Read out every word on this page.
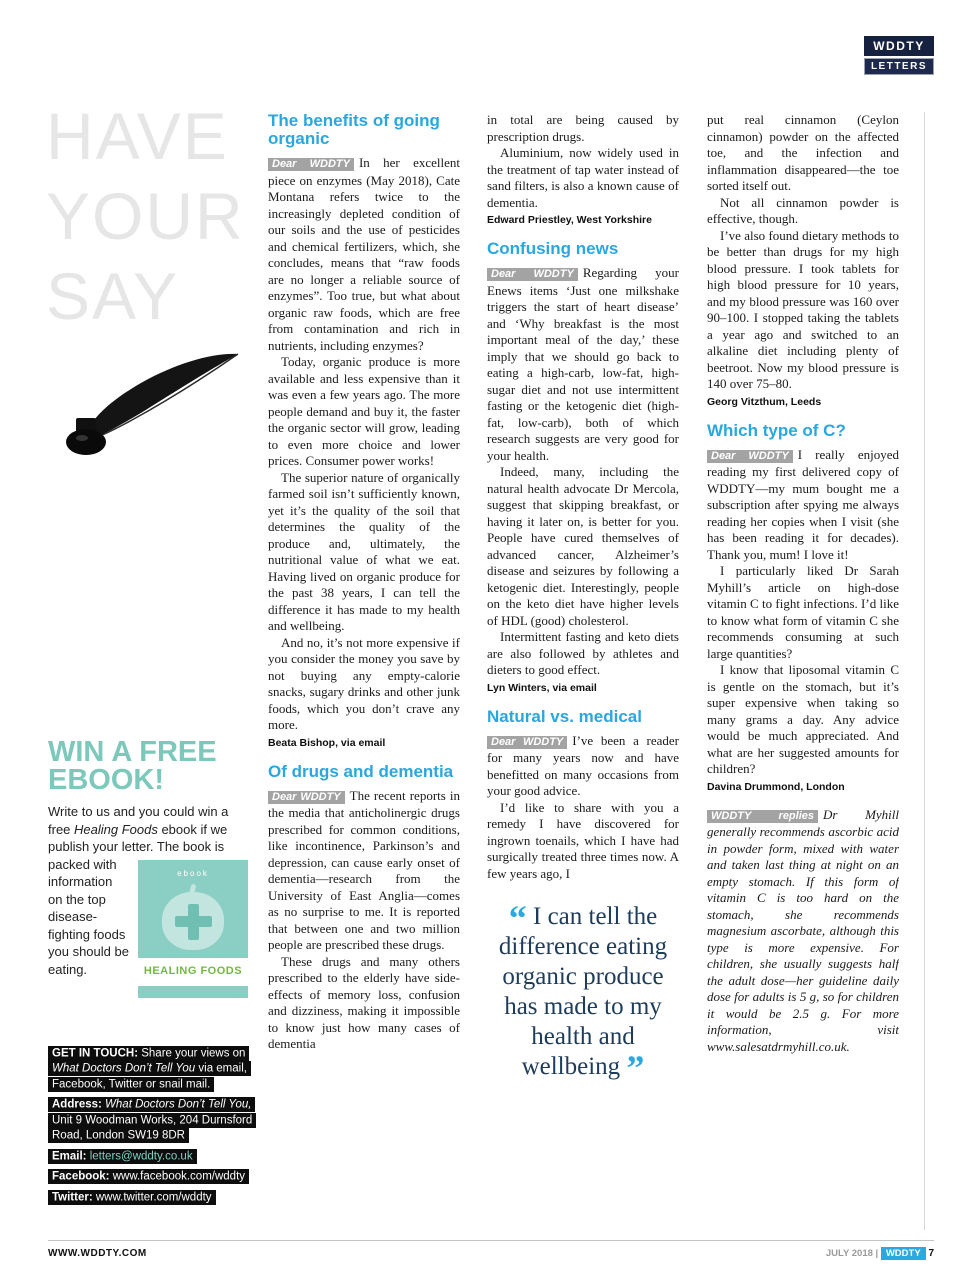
WDDTY
LETTERS
HAVE
YOUR
SAY
WIN A FREE
EBOOK!
Write to us and you could win a free Healing Foods ebook if we publish your letter. The book is
ebook
HEALING FOODS
packed with information on the top disease-fighting foods you should be eating.

GET IN TOUCH: Share your views on What Doctors Don’t Tell You via email, Facebook, Twitter or snail mail.

Address: What Doctors Don’t Tell You, Unit 9 Woodman Works, 204 Durnsford Road, London SW19 8DR

Email: letters@wddty.co.uk

Facebook: www.facebook.com/wddty

Twitter: www.twitter.com/wddty

The benefits of going organic

Dear WDDTY In her excellent piece on enzymes (May 2018), Cate Montana refers twice to the increasingly depleted condition of our soils and the use of pesticides and chemical fertilizers, which, she concludes, means that “raw foods are no longer a reliable source of enzymes”. Too true, but what about organic raw foods, which are free from contamination and rich in nutrients, including enzymes?

Today, organic produce is more available and less expensive than it was even a few years ago. The more people demand and buy it, the faster the organic sector will grow, leading to even more choice and lower prices. Consumer power works!

The superior nature of organically farmed soil isn’t sufficiently known, yet it’s the quality of the soil that determines the quality of the produce and, ultimately, the nutritional value of what we eat. Having lived on organic produce for the past 38 years, I can tell the difference it has made to my health and wellbeing.

And no, it’s not more expensive if you consider the money you save by not buying any empty-calorie snacks, sugary drinks and other junk foods, which you don’t crave any more.

Beata Bishop, via email

Of drugs and dementia

Dear WDDTY The recent reports in the media that anticholinergic drugs prescribed for common conditions, like incontinence, Parkinson’s and depression, can cause early onset of dementia—research from the University of East Anglia—comes as no surprise to me. It is reported that between one and two million people are prescribed these drugs.

These drugs and many others prescribed to the elderly have side-effects of memory loss, confusion and dizziness, making it impossible to know just how many cases of dementia

in total are being caused by prescription drugs.

Aluminium, now widely used in the treatment of tap water instead of sand filters, is also a known cause of dementia.

Edward Priestley, West Yorkshire

Confusing news

Dear WDDTY Regarding your Enews items ‘Just one milkshake triggers the start of heart disease’ and ‘Why breakfast is the most important meal of the day,’ these imply that we should go back to eating a high-carb, low-fat, high-sugar diet and not use intermittent fasting or the ketogenic diet (high-fat, low-carb), both of which research suggests are very good for your health.

Indeed, many, including the natural health advocate Dr Mercola, suggest that skipping breakfast, or having it later on, is better for you. People have cured themselves of advanced cancer, Alzheimer’s disease and seizures by following a ketogenic diet. Interestingly, people on the keto diet have higher levels of HDL (good) cholesterol.

Intermittent fasting and keto diets are also followed by athletes and dieters to good effect.

Lyn Winters, via email

Natural vs. medical

Dear WDDTY I’ve been a reader for many years now and have benefitted on many occasions from your good advice.

I’d like to share with you a remedy I have discovered for ingrown toenails, which I have had surgically treated three times now. A few years ago, I

“ I can tell the difference eating organic produce has made to my health and wellbeing ”

put real cinnamon (Ceylon cinnamon) powder on the affected toe, and the infection and inflammation disappeared—the toe sorted itself out.

Not all cinnamon powder is effective, though.

I’ve also found dietary methods to be better than drugs for my high blood pressure. I took tablets for high blood pressure for 10 years, and my blood pressure was 160 over 90–100. I stopped taking the tablets a year ago and switched to an alkaline diet including plenty of beetroot. Now my blood pressure is 140 over 75–80.

Georg Vitzthum, Leeds

Which type of C?

Dear WDDTY I really enjoyed reading my first delivered copy of WDDTY—my mum bought me a subscription after spying me always reading her copies when I visit (she has been reading it for decades). Thank you, mum! I love it!

I particularly liked Dr Sarah Myhill’s article on high-dose vitamin C to fight infections. I’d like to know what form of vitamin C she recommends consuming at such large quantities?

I know that liposomal vitamin C is gentle on the stomach, but it’s super expensive when taking so many grams a day. Any advice would be much appreciated. And what are her suggested amounts for children?

Davina Drummond, London

WDDTY replies Dr Myhill generally recommends ascorbic acid in powder form, mixed with water and taken last thing at night on an empty stomach. If this form of vitamin C is too hard on the stomach, she recommends magnesium ascorbate, although this type is more expensive. For children, she usually suggests half the adult dose—her guideline daily dose for adults is 5 g, so for children it would be 2.5 g. For more information, visit www.salesatdrmyhill.co.uk.

WWW.WDDTY.COM	JULY 2018 | WDDTY 7
